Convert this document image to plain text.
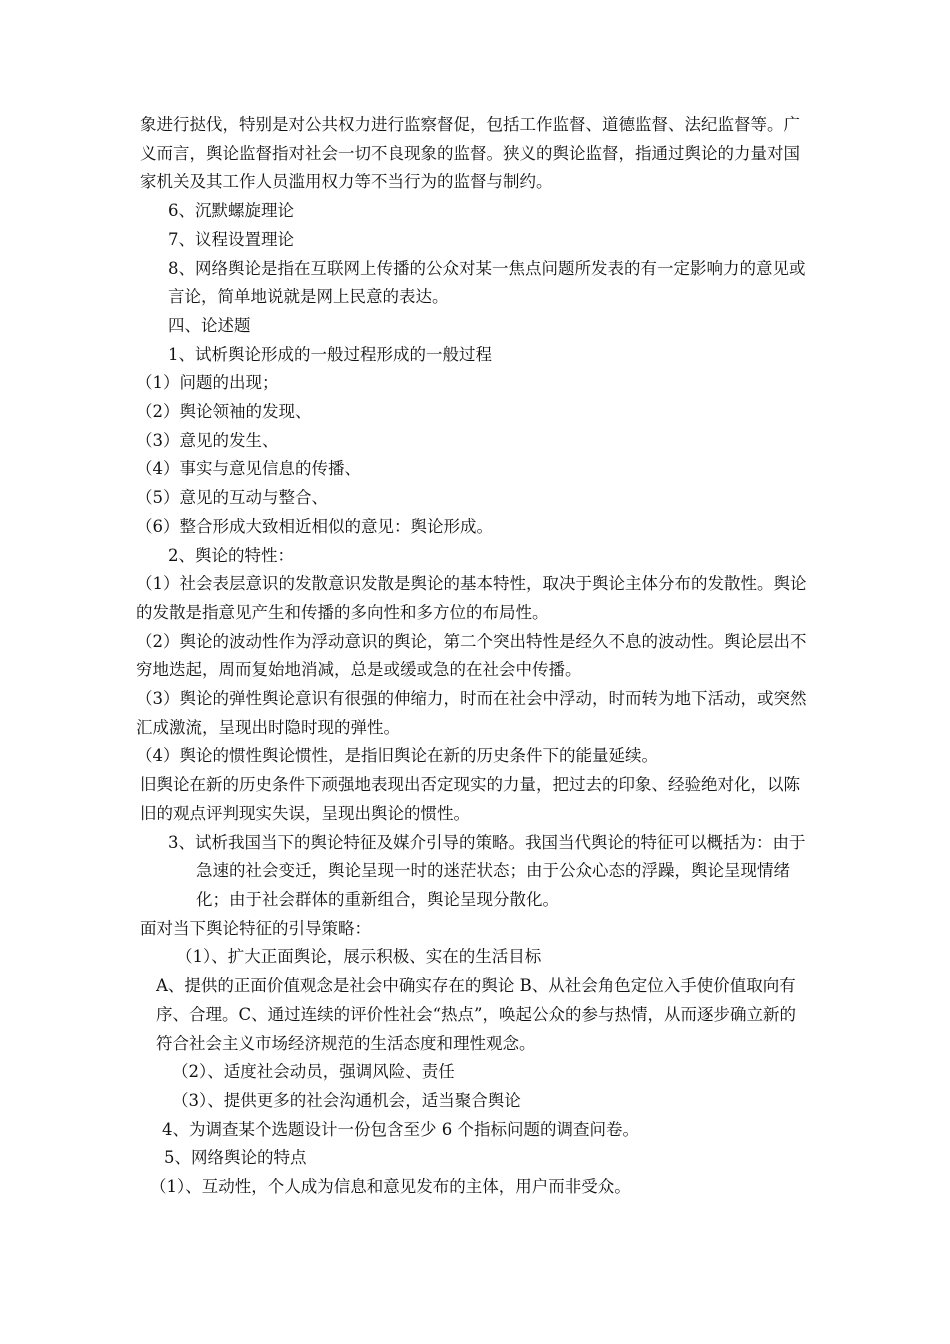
象进行挞伐，特别是对公共权力进行监察督促，包括工作监督、道德监督、法纪监督等。广义而言，舆论监督指对社会一切不良现象的监督。狭义的舆论监督，指通过舆论的力量对国家机关及其工作人员滥用权力等不当行为的监督与制约。

6、沉默螺旋理论

7、议程设置理论

8、网络舆论是指在互联网上传播的公众对某一焦点问题所发表的有一定影响力的意见或言论，简单地说就是网上民意的表达。

四、论述题

1、试析舆论形成的一般过程形成的一般过程

（1）问题的出现；

（2）舆论领袖的发现、

（3）意见的发生、

（4）事实与意见信息的传播、

（5）意见的互动与整合、

（6）整合形成大致相近相似的意见：舆论形成。

2、舆论的特性：

（1）社会表层意识的发散意识发散是舆论的基本特性，取决于舆论主体分布的发散性。舆论的发散是指意见产生和传播的多向性和多方位的布局性。

（2）舆论的波动性作为浮动意识的舆论，第二个突出特性是经久不息的波动性。舆论层出不穷地迭起，周而复始地消减，总是或缓或急的在社会中传播。

（3）舆论的弹性舆论意识有很强的伸缩力，时而在社会中浮动，时而转为地下活动，或突然汇成激流，呈现出时隐时现的弹性。

（4）舆论的惯性舆论惯性，是指旧舆论在新的历史条件下的能量延续。

旧舆论在新的历史条件下顽强地表现出否定现实的力量，把过去的印象、经验绝对化，以陈旧的观点评判现实失误，呈现出舆论的惯性。

3、试析我国当下的舆论特征及媒介引导的策略。我国当代舆论的特征可以概括为：由于急速的社会变迁，舆论呈现一时的迷茫状态；由于公众心态的浮躁，舆论呈现情绪化；由于社会群体的重新组合，舆论呈现分散化。

面对当下舆论特征的引导策略：

（1）、扩大正面舆论，展示积极、实在的生活目标

A、提供的正面价值观念是社会中确实存在的舆论 B、从社会角色定位入手使价值取向有序、合理。C、通过连续的评价性社会“热点”，唤起公众的参与热情，从而逐步确立新的符合社会主义市场经济规范的生活态度和理性观念。

（2）、适度社会动员，强调风险、责任

（3）、提供更多的社会沟通机会，适当聚合舆论

4、为调查某个选题设计一份包含至少 6 个指标问题的调查问卷。

5、网络舆论的特点

（1）、互动性，个人成为信息和意见发布的主体，用户而非受众。
